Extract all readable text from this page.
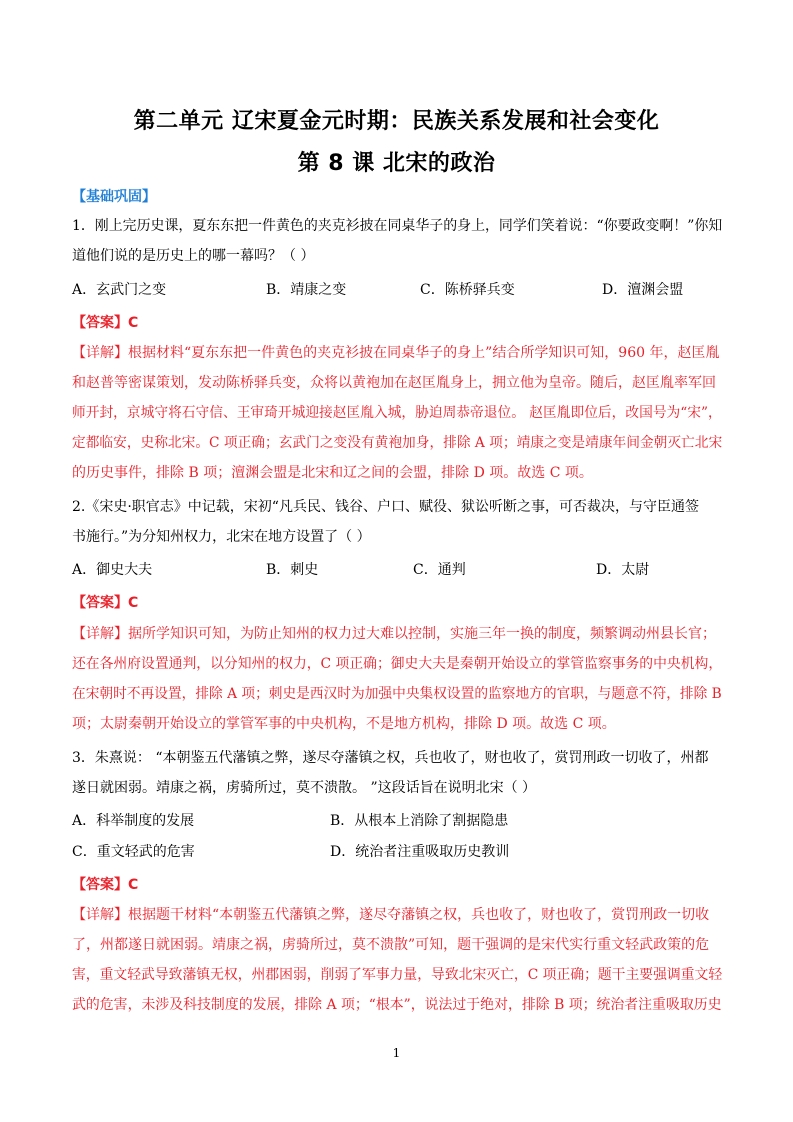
第二单元 辽宋夏金元时期：民族关系发展和社会变化
第 8 课 北宋的政治
【基础巩固】
1．刚上完历史课，夏东东把一件黄色的夹克衫披在同桌华子的身上，同学们笑着说：“你要政变啊！”你知
道他们说的是历史上的哪一幕吗？（ ）
A．玄武门之变	B．靖康之变	C．陈桥驿兵变	D．澶渊会盟
【答案】C
【详解】根据材料“夏东东把一件黄色的夹克衫披在同桌华子的身上”结合所学知识可知，960 年，赵匡胤
和赵普等密谋策划，发动陈桥驿兵变，众将以黄袍加在赵匡胤身上，拥立他为皇帝。随后，赵匡胤率军回
师开封，京城守将石守信、王审琦开城迎接赵匡胤入城，胁迫周恭帝退位。 赵匡胤即位后，改国号为“宋”，
定都临安，史称北宋。C 项正确；玄武门之变没有黄袍加身，排除 A 项；靖康之变是靖康年间金朝灭亡北宋
的历史事件，排除 B 项；澶渊会盟是北宋和辽之间的会盟，排除 D 项。故选 C 项。
2.《宋史·职官志》中记载，宋初“凡兵民、钱谷、户口、赋役、狱讼听断之事，可否裁决，与守臣通签
书施行。”为分知州权力，北宋在地方设置了（ ）
A．御史大夫	B．刺史	C．通判	D．太尉
【答案】C
【详解】据所学知识可知，为防止知州的权力过大难以控制，实施三年一换的制度，频繁调动州县长官；
还在各州府设置通判，以分知州的权力，C 项正确；御史大夫是秦朝开始设立的掌管监察事务的中央机构，
在宋朝时不再设置，排除 A 项；刺史是西汉时为加强中央集权设置的监察地方的官职，与题意不符，排除 B
项；太尉秦朝开始设立的掌管军事的中央机构，不是地方机构，排除 D 项。故选 C 项。
3．朱熹说： “本朝鉴五代藩镇之弊，遂尽夺藩镇之权，兵也收了，财也收了，赏罚刑政一切收了，州都
遂日就困弱。靖康之祸，虏骑所过，莫不溃散。 ”这段话旨在说明北宋（ ）
A．科举制度的发展	B．从根本上消除了割据隐患
C．重文轻武的危害	D．统治者注重吸取历史教训
【答案】C
【详解】根据题干材料“本朝鉴五代藩镇之弊，遂尽夺藩镇之权，兵也收了，财也收了，赏罚刑政一切收
了，州都遂日就困弱。靖康之祸，虏骑所过，莫不溃散”可知，题干强调的是宋代实行重文轻武政策的危
害，重文轻武导致藩镇无权，州郡困弱，削弱了军事力量，导致北宋灭亡，C 项正确；题干主要强调重文轻
武的危害，未涉及科技制度的发展，排除 A 项；“根本”，说法过于绝对，排除 B 项；统治者注重吸取历史
1
